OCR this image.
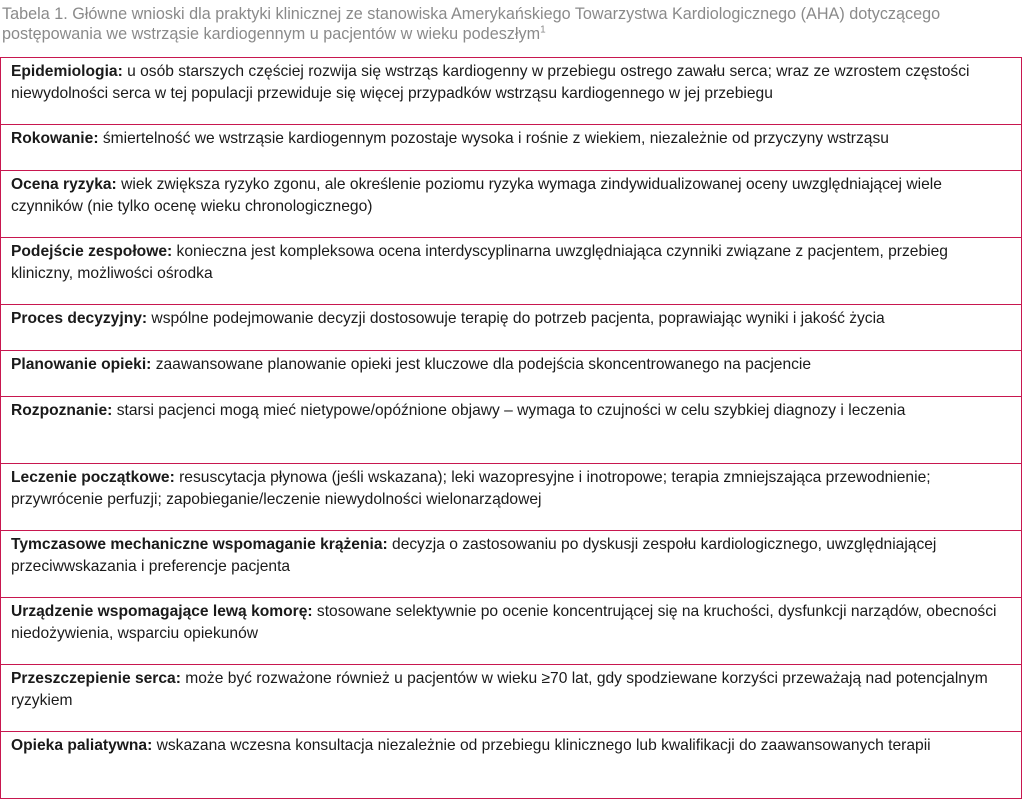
Tabela 1. Główne wnioski dla praktyki klinicznej ze stanowiska Amerykańskiego Towarzystwa Kardiologicznego (AHA) dotyczącego postępowania we wstrząsie kardiogennym u pacjentów w wieku podeszłym$^1$
Epidemiologia: u osób starszych częściej rozwija się wstrząs kardiogenny w przebiegu ostrego zawału serca; wraz ze wzrostem częstości niewydolności serca w tej populacji przewiduje się więcej przypadków wstrząsu kardiogennego w jej przebiegu
Rokowanie: śmiertelność we wstrząsie kardiogennym pozostaje wysoka i rośnie z wiekiem, niezależnie od przyczyny wstrząsu
Ocena ryzyka: wiek zwiększa ryzyko zgonu, ale określenie poziomu ryzyka wymaga zindywidualizowanej oceny uwzględniającej wiele czynników (nie tylko ocenę wieku chronologicznego)
Podejście zespołowe: konieczna jest kompleksowa ocena interdyscyplinarna uwzględniająca czynniki związane z pacjentem, przebieg kliniczny, możliwości ośrodka
Proces decyzyjny: wspólne podejmowanie decyzji dostosowuje terapię do potrzeb pacjenta, poprawiając wyniki i jakość życia
Planowanie opieki: zaawansowane planowanie opieki jest kluczowe dla podejścia skoncentrowanego na pacjencie
Rozpoznanie: starsi pacjenci mogą mieć nietypowe/opóźnione objawy – wymaga to czujności w celu szybkiej diagnozy i leczenia
Leczenie początkowe: resuscytacja płynowa (jeśli wskazana); leki wazopresyjne i inotropowe; terapia zmniejszająca przewodnienie; przywrócenie perfuzji; zapobieganie/leczenie niewydolności wielonarządowej
Tymczasowe mechaniczne wspomaganie krążenia: decyzja o zastosowaniu po dyskusji zespołu kardiologicznego, uwzględniającej przeciwwskazania i preferencje pacjenta
Urządzenie wspomagające lewą komorę: stosowane selektywnie po ocenie koncentrującej się na kruchości, dysfunkcji narządów, obecności niedożywienia, wsparciu opiekunów
Przeszczepienie serca: może być rozważone również u pacjentów w wieku ≥70 lat, gdy spodziewane korzyści przeważają nad potencjalnym ryzykiem
Opieka paliatywna: wskazana wczesna konsultacja niezależnie od przebiegu klinicznego lub kwalifikacji do zaawansowanych terapii
